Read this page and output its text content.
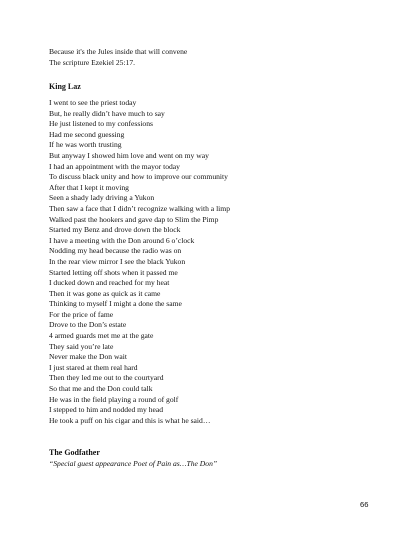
Because it's the Jules inside that will convene
The scripture Ezekiel 25:17.
King Laz
I went to see the priest today
But, he really didn’t have much to say
He just listened to my confessions
Had me second guessing
If he was worth trusting
But anyway I showed him love and went on my way
I had an appointment with the mayor today
To discuss black unity and how to improve our community
After that I kept it moving
Seen a shady lady driving a Yukon
Then saw a face that I didn’t recognize walking with a limp
Walked past the hookers and gave dap to Slim the Pimp
Started my Benz and drove down the block
I have a meeting with the Don around 6 o’clock
Nodding my head because the radio was on
In the rear view mirror I see the black Yukon
Started letting off shots when it passed me
I ducked down and reached for my heat
Then it was gone as quick as it came
Thinking to myself I might a done the same
For the price of fame
Drove to the Don’s estate
4 armed guards met me at the gate
They said you’re late
Never make the Don wait
I just stared at them real hard
Then they led me out to the courtyard
So that me and the Don could talk
He was in the field playing a round of golf
I stepped to him and nodded my head
He took a puff on his cigar and this is what he said…
The Godfather
“Special guest appearance Poet of Pain as…The Don”
66
